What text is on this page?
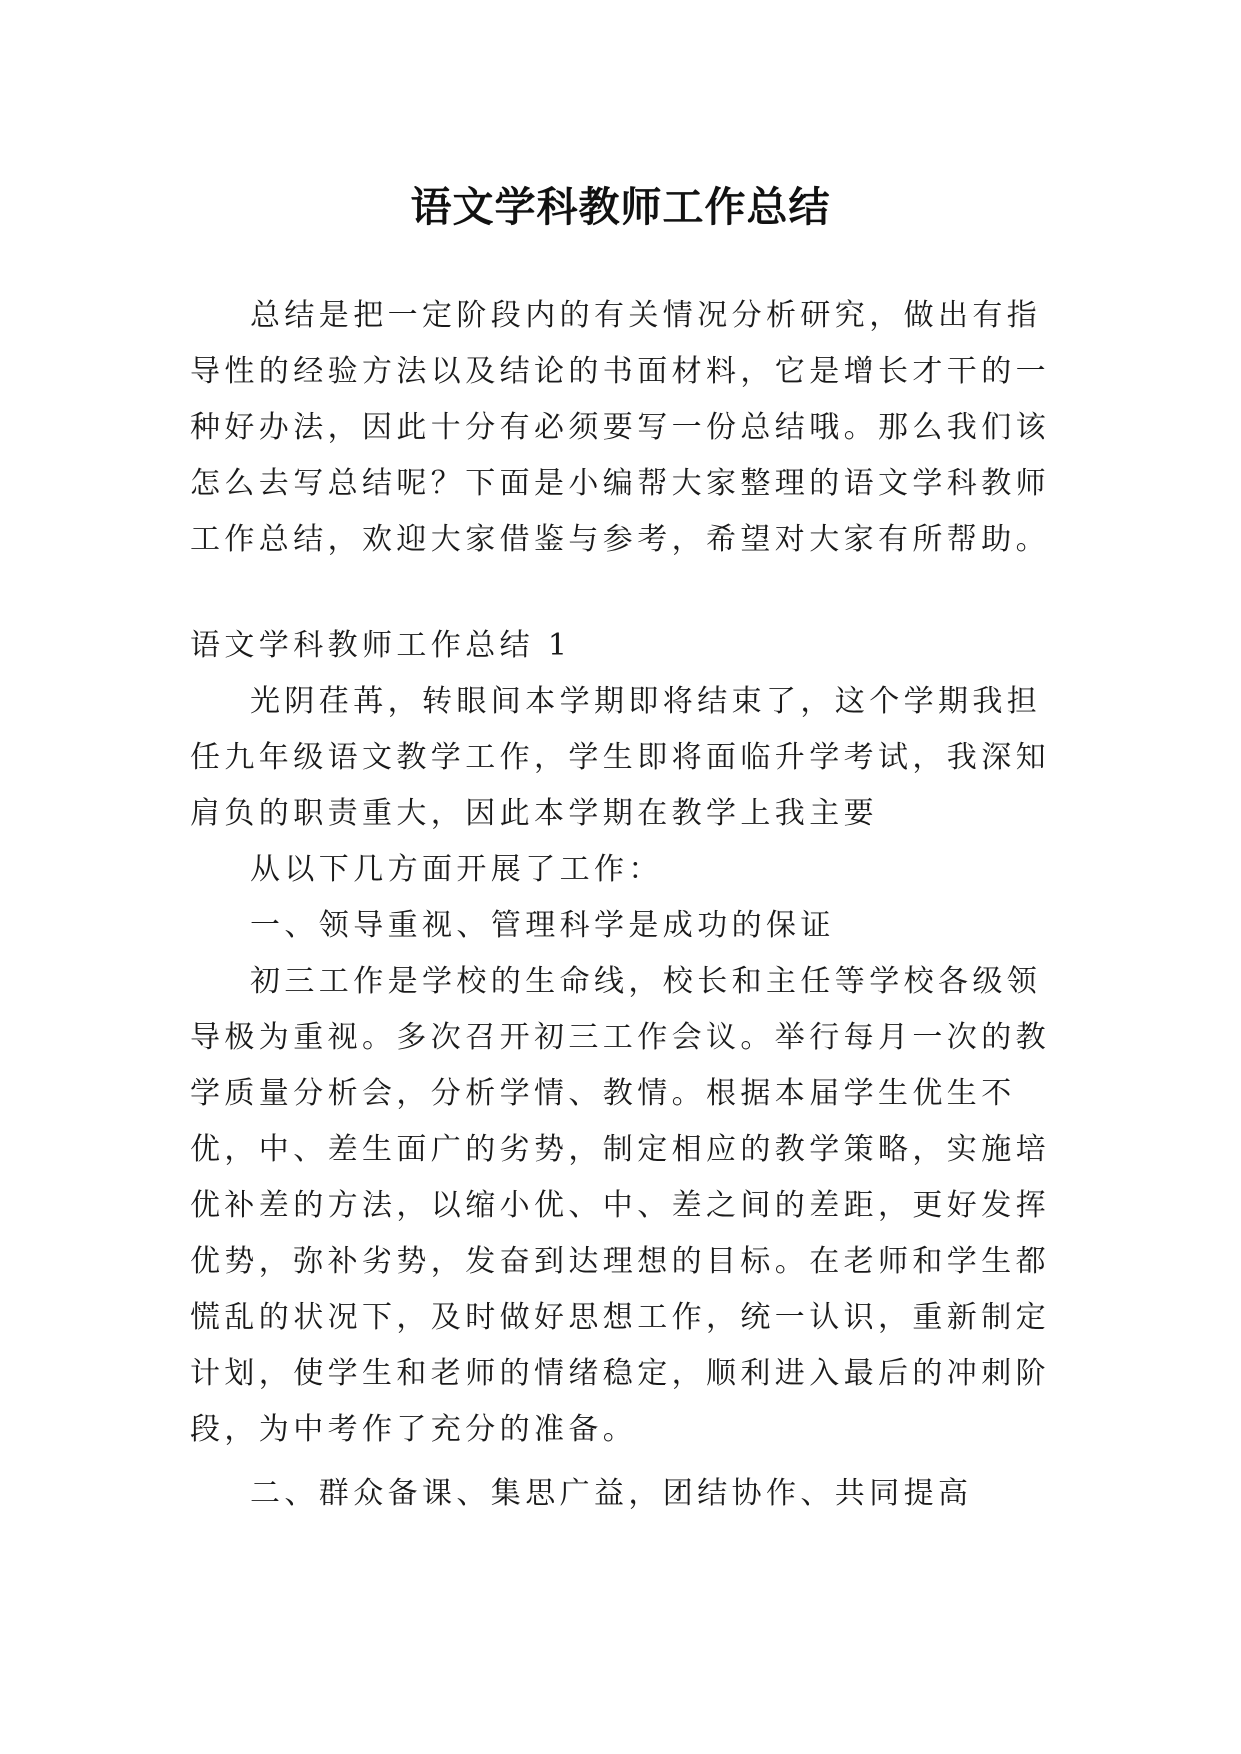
语文学科教师工作总结

总结是把一定阶段内的有关情况分析研究，做出有指导性的经验方法以及结论的书面材料，它是增长才干的一种好办法，因此十分有必须要写一份总结哦。那么我们该怎么去写总结呢？下面是小编帮大家整理的语文学科教师工作总结，欢迎大家借鉴与参考，希望对大家有所帮助。

语文学科教师工作总结 1

光阴荏苒，转眼间本学期即将结束了，这个学期我担任九年级语文教学工作，学生即将面临升学考试，我深知肩负的职责重大，因此本学期在教学上我主要

从以下几方面开展了工作：

一、领导重视、管理科学是成功的保证

初三工作是学校的生命线，校长和主任等学校各级领导极为重视。多次召开初三工作会议。举行每月一次的教学质量分析会，分析学情、教情。根据本届学生优生不优，中、差生面广的劣势，制定相应的教学策略，实施培优补差的方法，以缩小优、中、差之间的差距，更好发挥优势，弥补劣势，发奋到达理想的目标。在老师和学生都慌乱的状况下，及时做好思想工作，统一认识，重新制定计划，使学生和老师的情绪稳定，顺利进入最后的冲刺阶段，为中考作了充分的准备。

二、群众备课、集思广益，团结协作、共同提高
